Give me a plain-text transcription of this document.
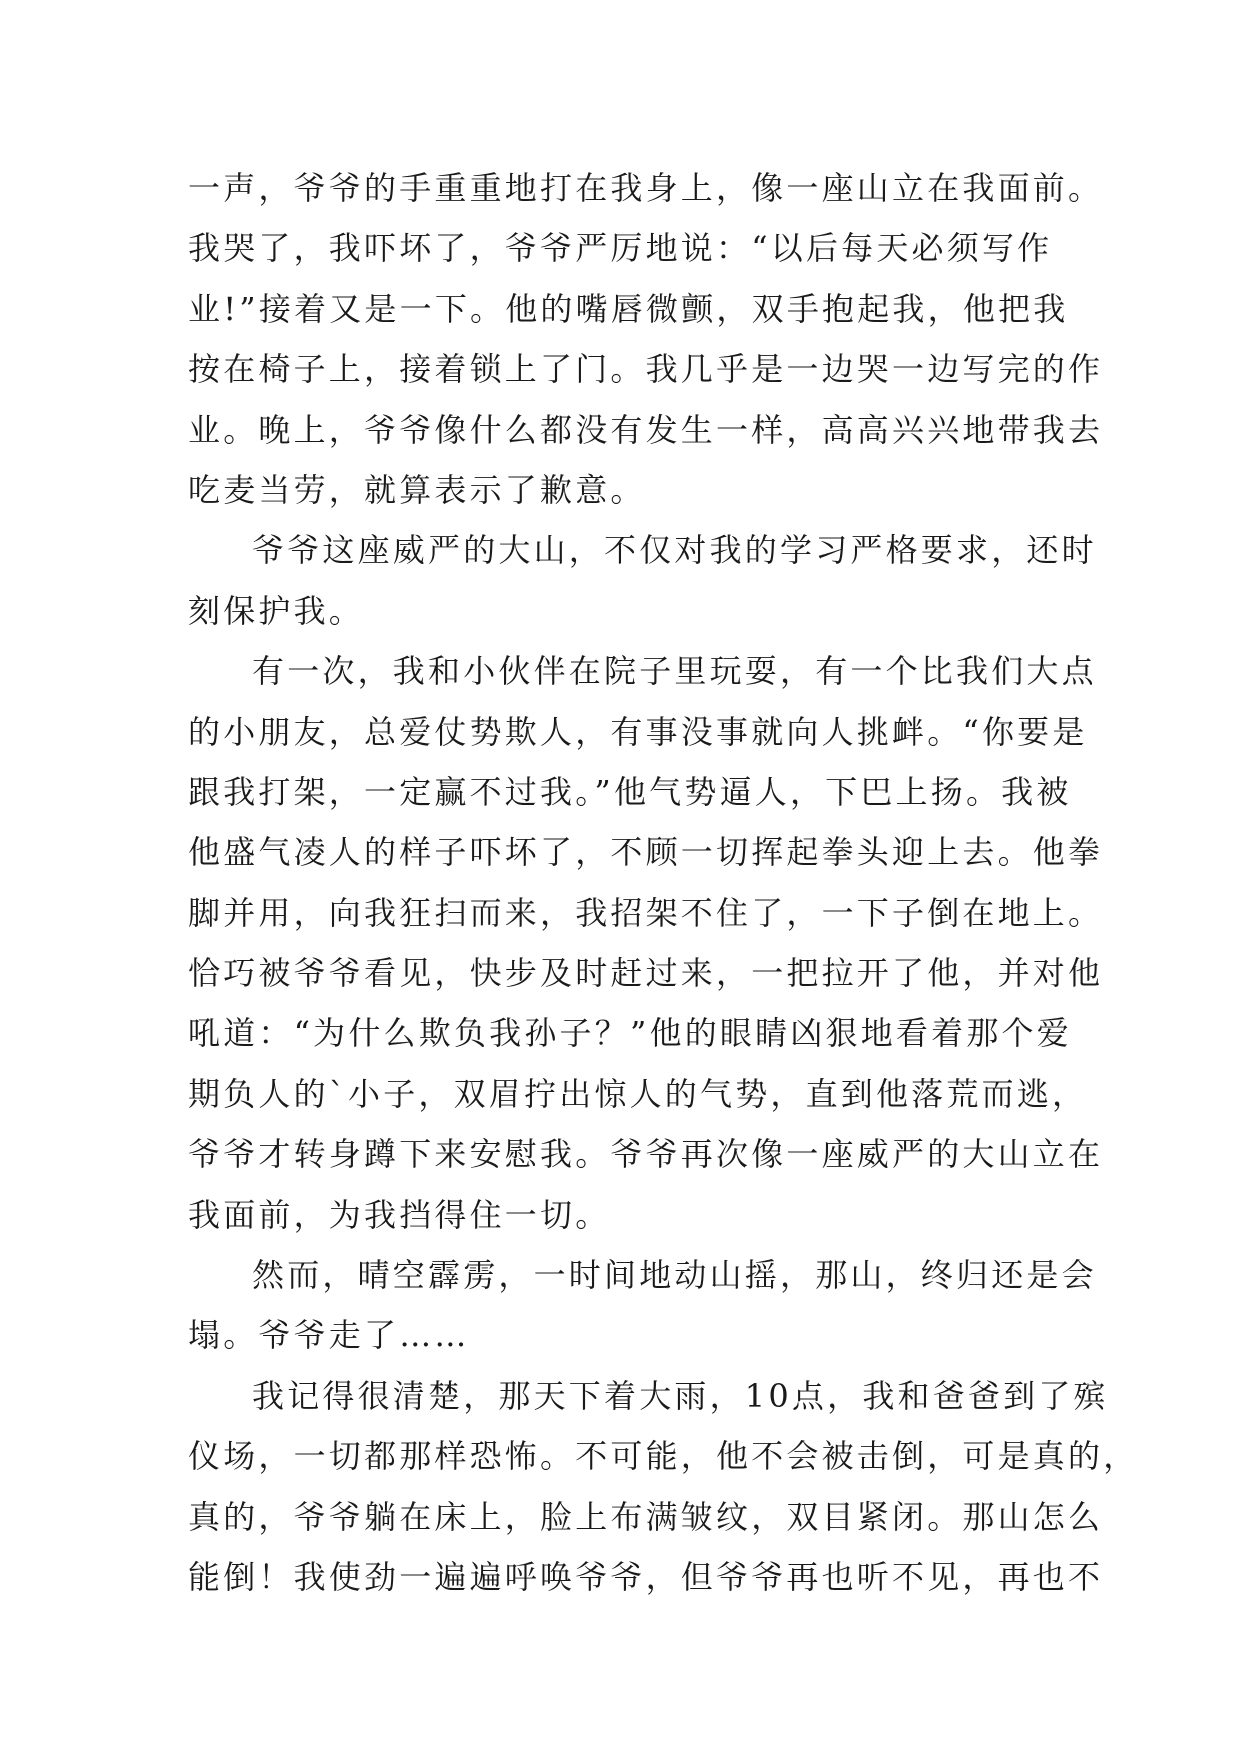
一声，爷爷的手重重地打在我身上，像一座山立在我面前。
我哭了，我吓坏了，爷爷严厉地说：“以后每天必须写作
业!”接着又是一下。他的嘴唇微颤，双手抱起我，他把我
按在椅子上，接着锁上了门。我几乎是一边哭一边写完的作
业。晚上，爷爷像什么都没有发生一样，高高兴兴地带我去
吃麦当劳，就算表示了歉意。
爷爷这座威严的大山，不仅对我的学习严格要求，还时
刻保护我。
有一次，我和小伙伴在院子里玩耍，有一个比我们大点
的小朋友，总爱仗势欺人，有事没事就向人挑衅。“你要是
跟我打架，一定赢不过我。”他气势逼人，下巴上扬。我被
他盛气凌人的样子吓坏了，不顾一切挥起拳头迎上去。他拳
脚并用，向我狂扫而来，我招架不住了，一下子倒在地上。
恰巧被爷爷看见，快步及时赶过来，一把拉开了他，并对他
吼道：“为什么欺负我孙子？”他的眼睛凶狠地看着那个爱
期负人的`小子，双眉拧出惊人的气势，直到他落荒而逃，
爷爷才转身蹲下来安慰我。爷爷再次像一座威严的大山立在
我面前，为我挡得住一切。
然而，晴空霹雳，一时间地动山摇，那山，终归还是会
塌。爷爷走了……
我记得很清楚，那天下着大雨，10点，我和爸爸到了殡
仪场，一切都那样恐怖。不可能，他不会被击倒，可是真的，
真的，爷爷躺在床上，脸上布满皱纹，双目紧闭。那山怎么
能倒！我使劲一遍遍呼唤爷爷，但爷爷再也听不见，再也不
